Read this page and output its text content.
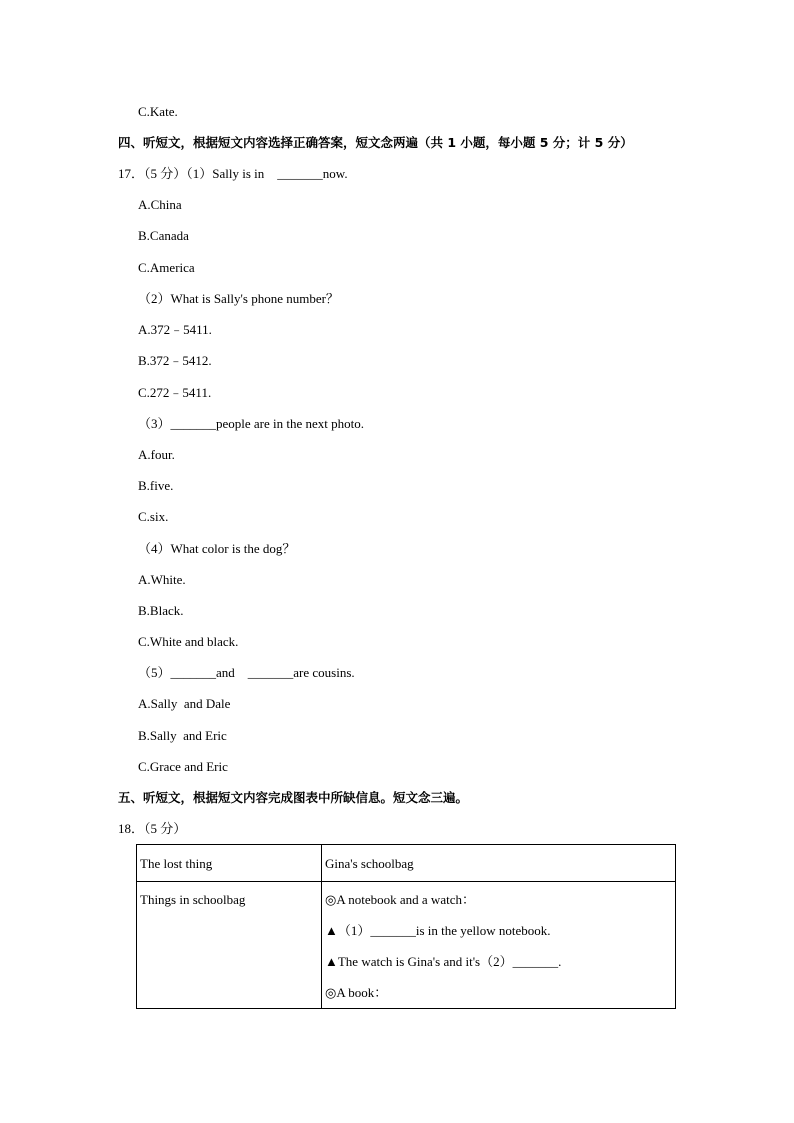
C.Kate.
四、听短文，根据短文内容选择正确答案，短文念两遍（共 1 小题，每小题 5 分；计 5 分）
17．（5 分）（1）Sally is in　_______now.
A.China
B.Canada
C.America
（2）What is Sally's phone number？
A.372﹣5411.
B.372﹣5412.
C.272﹣5411.
（3）_______people are in the next photo.
A.four.
B.five.
C.six.
（4）What color is the dog？
A.White.
B.Black.
C.White and black.
（5）_______and　_______are cousins.
A.Sally  and Dale
B.Sally  and Eric
C.Grace and Eric
五、听短文，根据短文内容完成图表中所缺信息。短文念三遍。
18．（5 分）
The lost thing	Gina's schoolbag

Things in schoolbag	◎A notebook and a watch：
▲（1）_______is in the yellow notebook.
▲The watch is Gina's and it's（2）_______.
◎A book：
